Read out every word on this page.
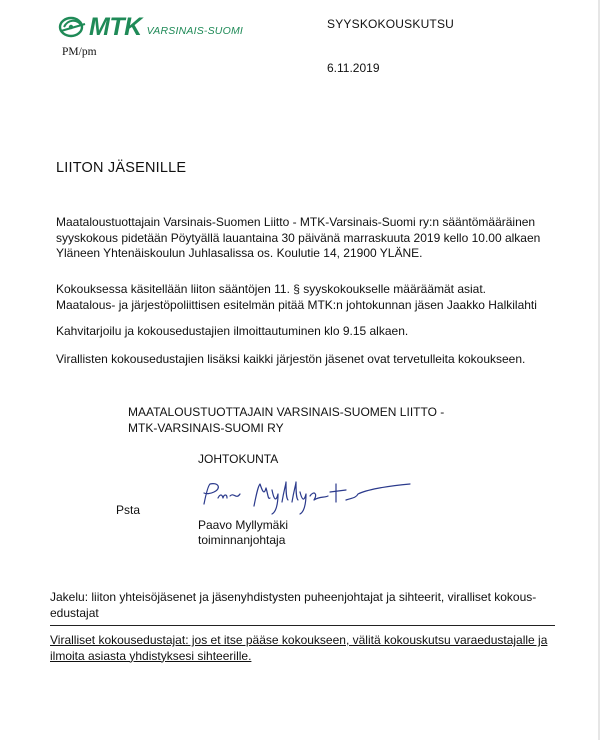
MTK VARSINAIS-SUOMI
PM/pm
SYYSKOKOUSKUTSU
6.11.2019
LIITON JÄSENILLE

Maataloustuottajain Varsinais-Suomen Liitto - MTK-Varsinais-Suomi ry:n sääntömääräinen
syyskokous pidetään Pöytyällä lauantaina 30 päivänä marraskuuta 2019 kello 10.00 alkaen
Yläneen Yhtenäiskoulun Juhlasalissa os. Koulutie 14, 21900 YLÄNE.

Kokouksessa käsitellään liiton sääntöjen 11. § syyskokoukselle määräämät asiat.
Maatalous- ja järjestöpoliittisen esitelmän pitää MTK:n johtokunnan jäsen Jaakko Halkilahti

Kahvitarjoilu ja kokousedustajien ilmoittautuminen klo 9.15 alkaen.

Virallisten kokousedustajien lisäksi kaikki järjestön jäsenet ovat tervetulleita kokoukseen.

MAATALOUSTUOTTAJAIN VARSINAIS-SUOMEN LIITTO -
MTK-VARSINAIS-SUOMI RY
JOHTOKUNTA
Psta
Paavo Myllymäki
toiminnanjohtaja

Jakelu: liiton yhteisöjäsenet ja jäsenyhdistysten puheenjohtajat ja sihteerit, viralliset kokous-
edustajat

Viralliset kokousedustajat: jos et itse pääse kokoukseen, välitä kokouskutsu varaedustajalle ja
ilmoita asiasta yhdistyksesi sihteerille.
